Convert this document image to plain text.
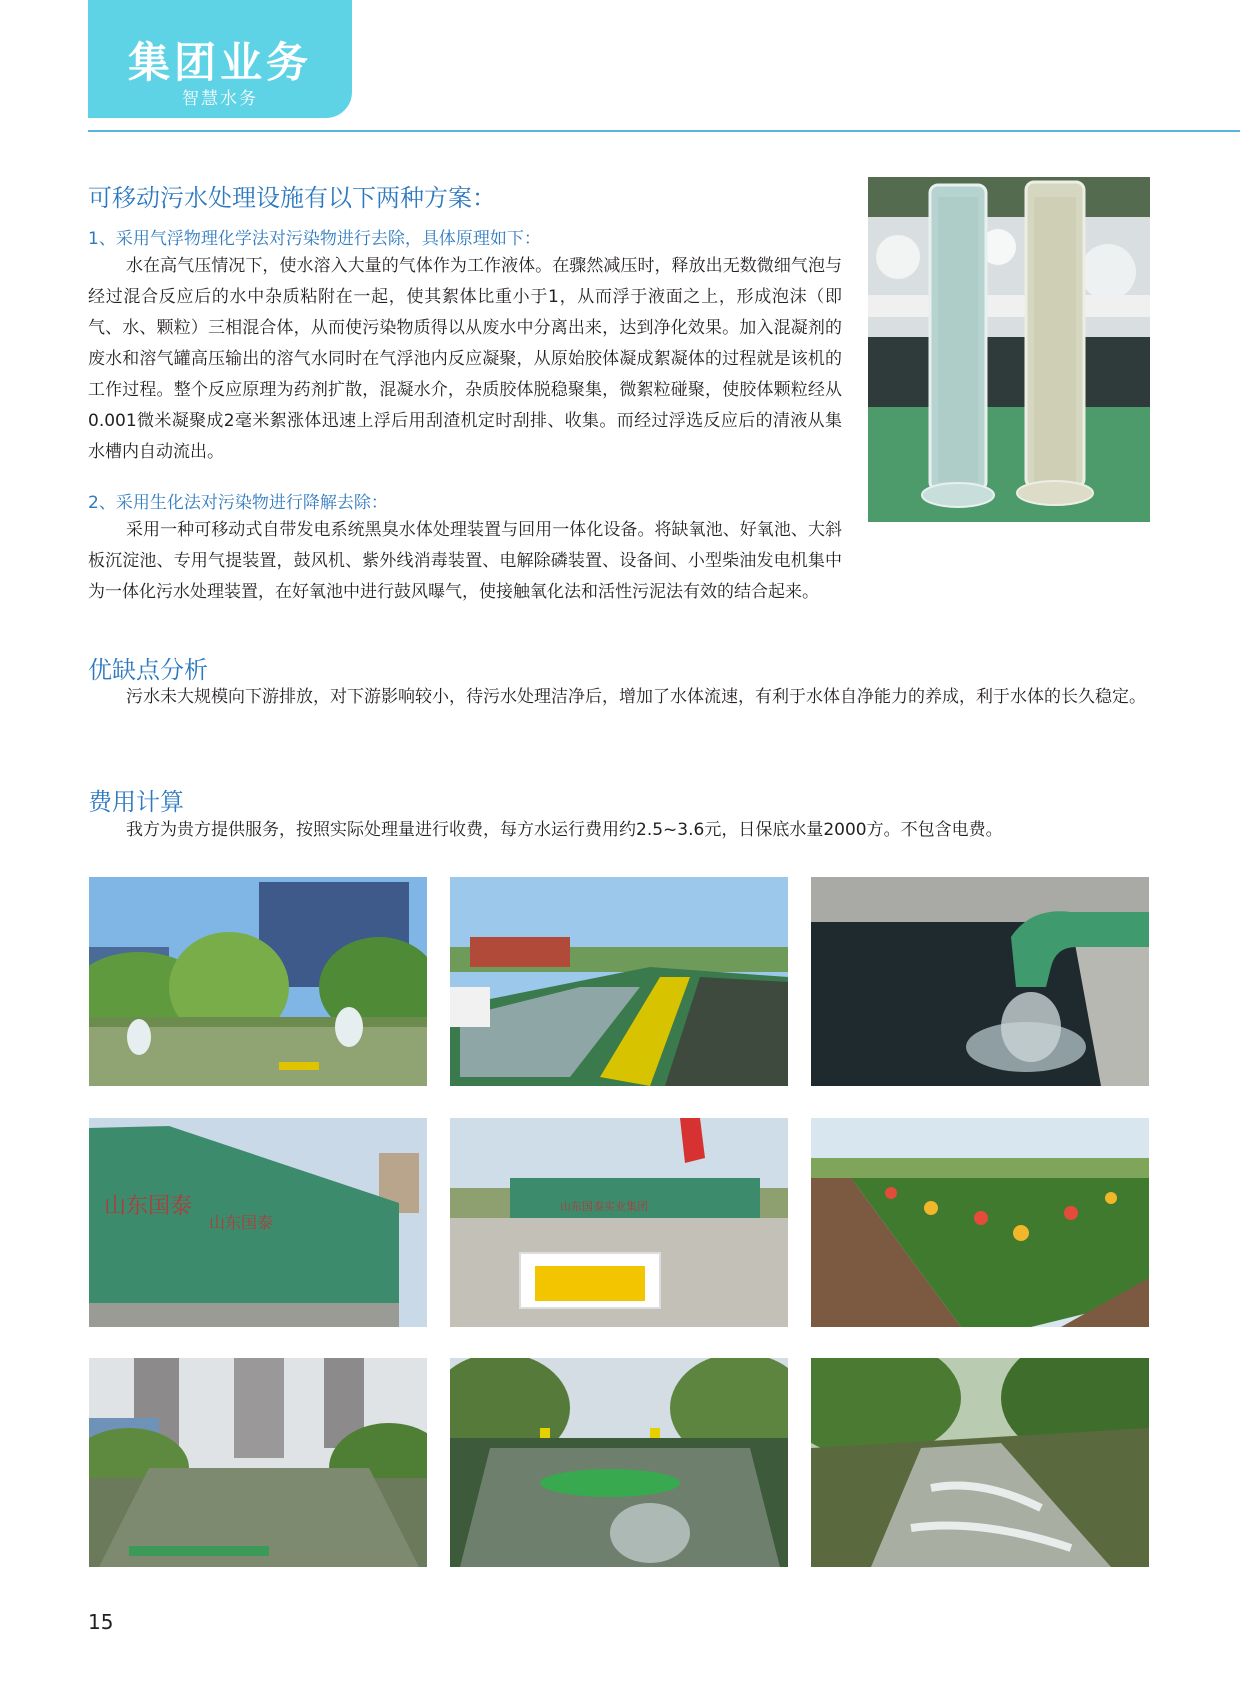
集团业务
智慧水务
可移动污水处理设施有以下两种方案：
1、采用气浮物理化学法对污染物进行去除，具体原理如下：

水在高气压情况下，使水溶入大量的气体作为工作液体。在骤然减压时，释放出无数微细气泡与经过混合反应后的水中杂质粘附在一起，使其絮体比重小于1，从而浮于液面之上，形成泡沫（即气、水、颗粒）三相混合体，从而使污染物质得以从废水中分离出来，达到净化效果。加入混凝剂的废水和溶气罐高压输出的溶气水同时在气浮池内反应凝聚，从原始胶体凝成絮凝体的过程就是该机的工作过程。整个反应原理为药剂扩散，混凝水介，杂质胶体脱稳聚集，微絮粒碰聚，使胶体颗粒经从0.001微米凝聚成2毫米絮涨体迅速上浮后用刮渣机定时刮排、收集。而经过浮选反应后的清液从集水槽内自动流出。

2、采用生化法对污染物进行降解去除：

采用一种可移动式自带发电系统黑臭水体处理装置与回用一体化设备。将缺氧池、好氧池、大斜板沉淀池、专用气提装置，鼓风机、紫外线消毒装置、电解除磷装置、设备间、小型柴油发电机集中为一体化污水处理装置，在好氧池中进行鼓风曝气，使接触氧化法和活性污泥法有效的结合起来。

优缺点分析

污水未大规模向下游排放，对下游影响较小，待污水处理洁净后，增加了水体流速，有利于水体自净能力的养成，利于水体的长久稳定。

费用计算

我方为贵方提供服务，按照实际处理量进行收费，每方水运行费用约2.5~3.6元，日保底水量2000方。不包含电费。

山东国泰
山东国泰
山东国泰实业集团
15
